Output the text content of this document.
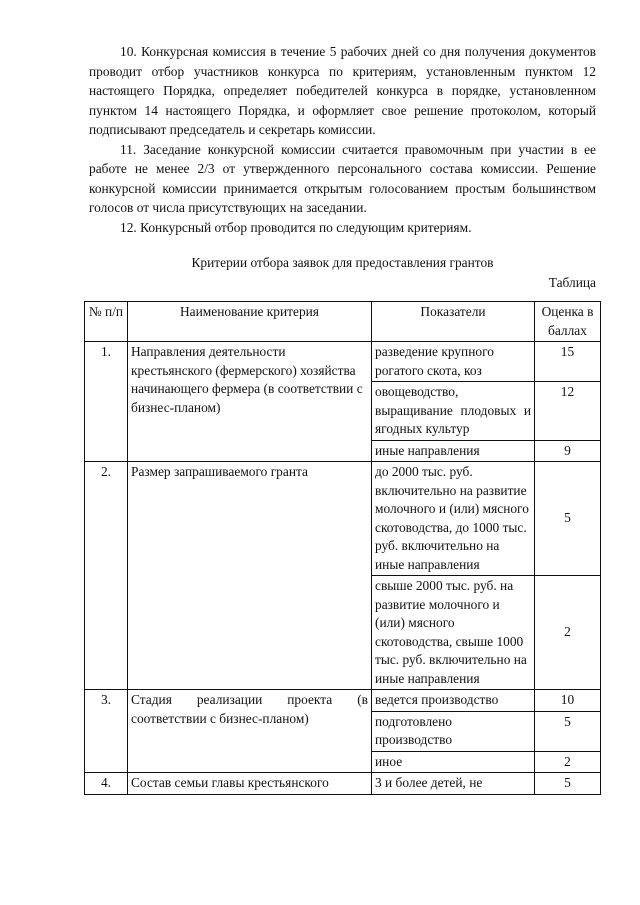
10. Конкурсная комиссия в течение 5 рабочих дней со дня получения документов проводит отбор участников конкурса по критериям, установленным пунктом 12 настоящего Порядка, определяет победителей конкурса в порядке, установленном пунктом 14 настоящего Порядка, и оформляет свое решение протоколом, который подписывают председатель и секретарь комиссии.

11. Заседание конкурсной комиссии считается правомочным при участии в ее работе не менее 2/3 от утвержденного персонального состава комиссии. Решение конкурсной комиссии принимается открытым голосованием простым большинством голосов от числа присутствующих на заседании.

12. Конкурсный отбор проводится по следующим критериям.

Критерии отбора заявок для предоставления грантов
Таблица
№ п/п	Наименование критерия	Показатели	Оценка в баллах
1.	Направления деятельности крестьянского (фермерского) хозяйства начинающего фермера (в соответствии с бизнес-планом)	разведение крупного рогатого скота, коз	15
		овощеводство, выращивание плодовых и ягодных культур	12
		иные направления	9
2.	Размер запрашиваемого гранта	до 2000 тыс. руб. включительно на развитие молочного и (или) мясного скотоводства, до 1000 тыс. руб. включительно на иные направления	5
		свыше 2000 тыс. руб. на развитие молочного и (или) мясного скотоводства, свыше 1000 тыс. руб. включительно на иные направления	2
3.	Стадия реализации проекта (в соответствии с бизнес-планом)	ведется производство	10
		подготовлено производство	5
		иное	2
4.	Состав семьи главы крестьянского	3 и более детей, не	5
